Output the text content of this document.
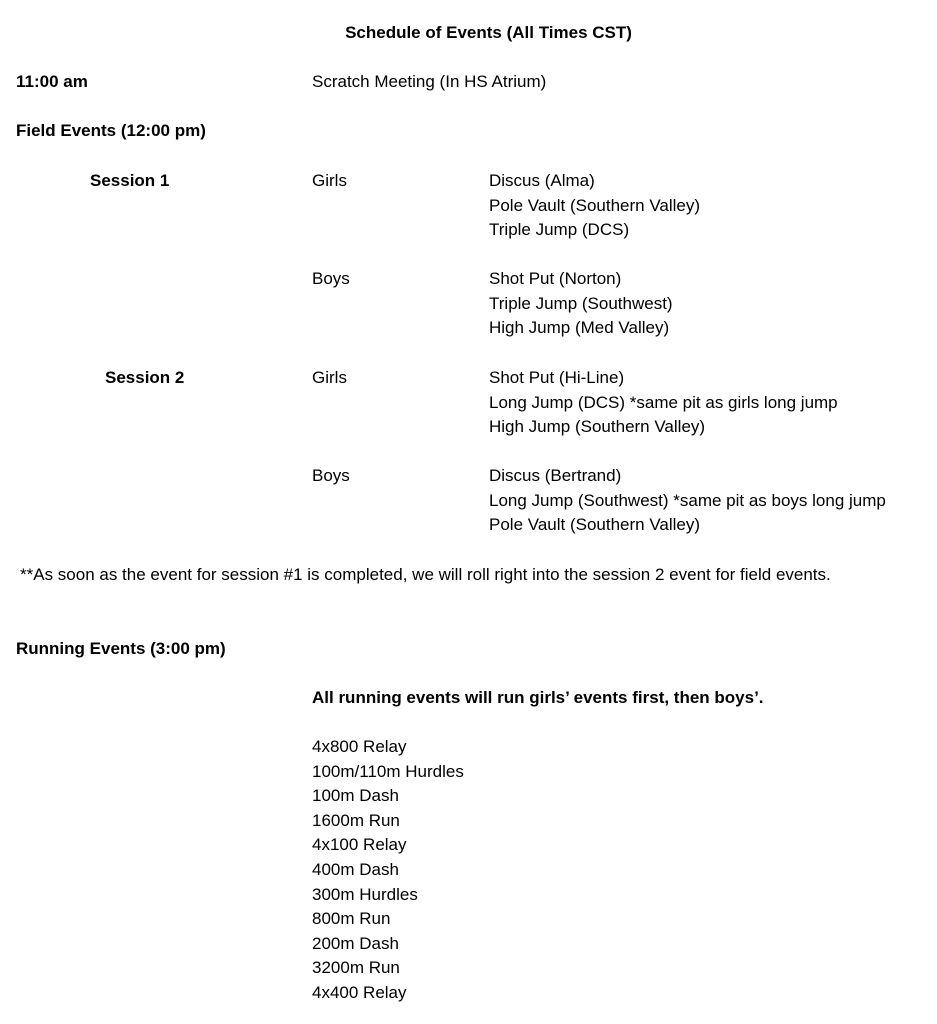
Schedule of Events (All Times CST)
11:00 am	Scratch Meeting (In HS Atrium)
Field Events (12:00 pm)
Session 1	Girls	Discus (Alma)
Pole Vault (Southern Valley)
Triple Jump (DCS)
Boys	Shot Put (Norton)
Triple Jump (Southwest)
High Jump (Med Valley)
Session 2	Girls	Shot Put (Hi-Line)
Long Jump (DCS) *same pit as girls long jump
High Jump (Southern Valley)
Boys	Discus (Bertrand)
Long Jump (Southwest) *same pit as boys long jump
Pole Vault (Southern Valley)
**As soon as the event for session #1 is completed, we will roll right into the session 2 event for field events.
Running Events (3:00 pm)
All running events will run girls’ events first, then boys’.
4x800 Relay
100m/110m Hurdles
100m Dash
1600m Run
4x100 Relay
400m Dash
300m Hurdles
800m Run
200m Dash
3200m Run
4x400 Relay
